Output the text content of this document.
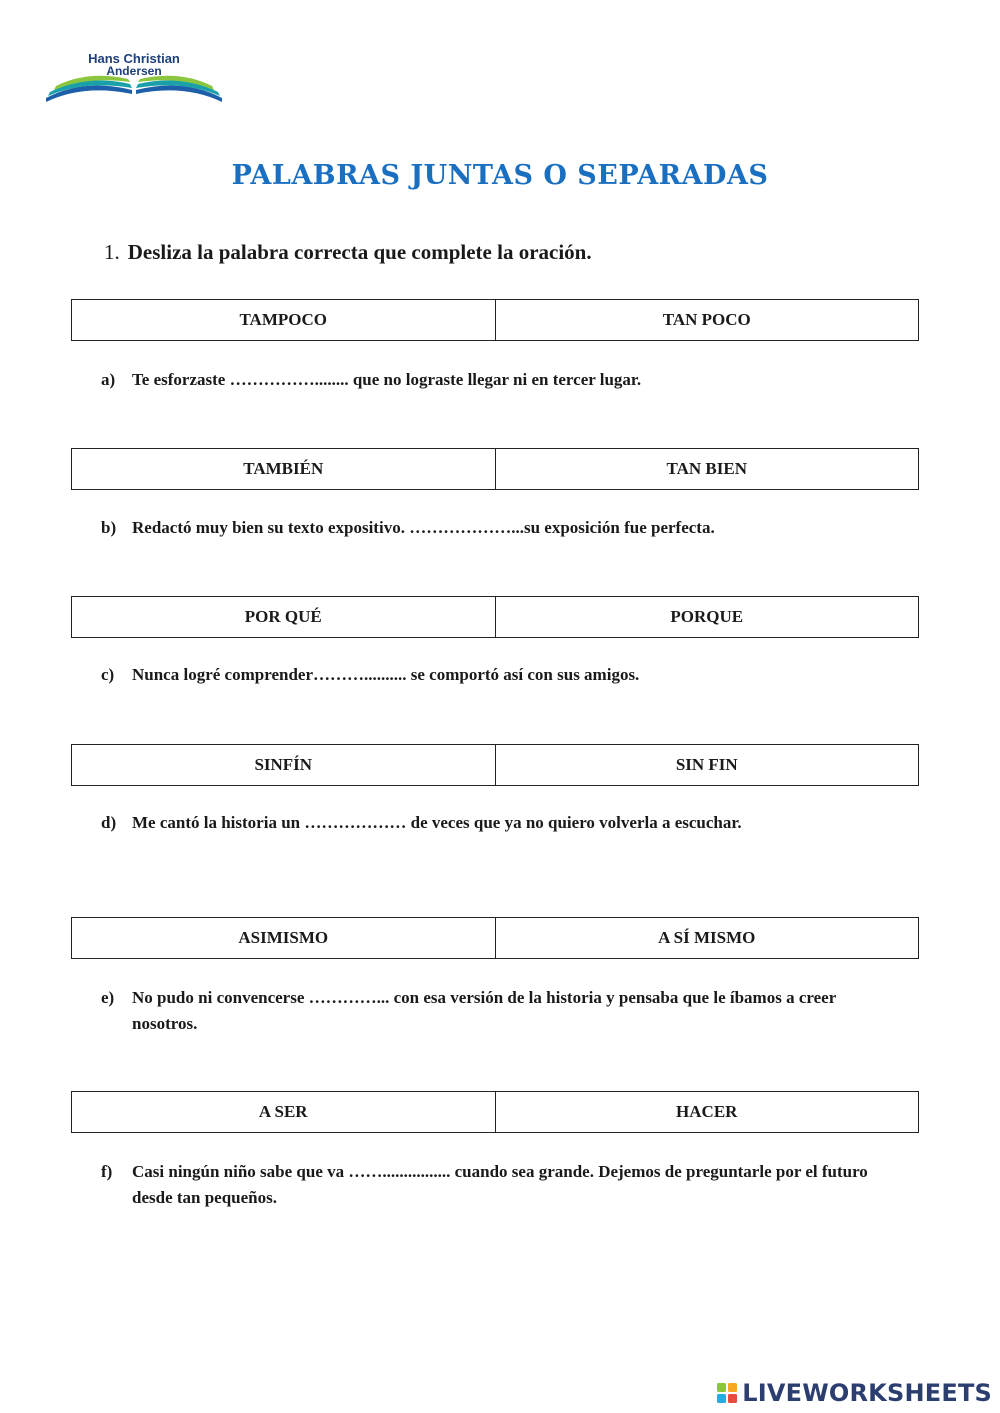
Hans Christian
Andersen
PALABRAS JUNTAS O SEPARADAS
1. Desliza la palabra correcta que complete la oración.
TAMPOCO	TAN POCO
a) Te esforzaste ……………........ que no lograste llegar ni en tercer lugar.
TAMBIÉN	TAN BIEN
b) Redactó muy bien su texto expositivo. ………………...su exposición fue perfecta.
POR QUÉ	PORQUE
c) Nunca logré comprender……….......... se comportó así con sus amigos.
SINFÍN	SIN FIN
d) Me cantó la historia un ……………… de veces que ya no quiero volverla a escuchar.
ASIMISMO	A SÍ MISMO
e) No pudo ni convencerse …………... con esa versión de la historia y pensaba que le íbamos a creer nosotros.
A SER	HACER
f) Casi ningún niño sabe que va ……................ cuando sea grande. Dejemos de preguntarle por el futuro desde tan pequeños.
LIVEWORKSHEETS
